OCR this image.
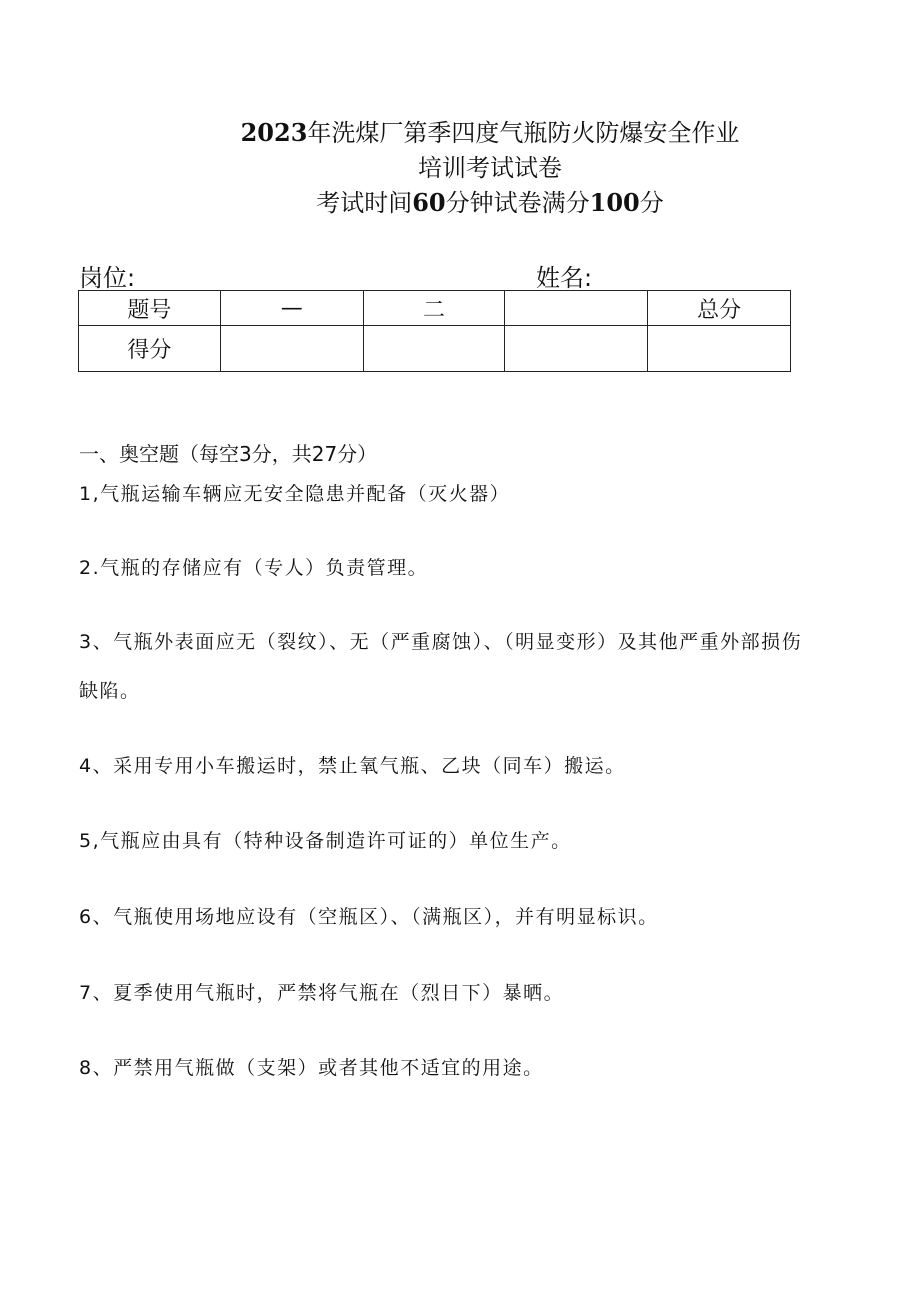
2023年洗煤厂第季四度气瓶防火防爆安全作业
培训考试试卷
考试时间60分钟试卷满分100分
岗位:	姓名:
题号	—	二		总分
得分				
一、奥空题（每空3分，共27分）
1,气瓶运输车辆应无安全隐患并配备（灭火器）
2.气瓶的存储应有（专人）负责管理。
3、气瓶外表面应无（裂纹）、无（严重腐蚀）、（明显变形）及其他严重外部损伤
缺陷。
4、采用专用小车搬运时，禁止氧气瓶、乙块（同车）搬运。
5,气瓶应由具有（特种设备制造许可证的）单位生产。
6、气瓶使用场地应设有（空瓶区）、（满瓶区），并有明显标识。
7、夏季使用气瓶时，严禁将气瓶在（烈日下）暴晒。
8、严禁用气瓶做（支架）或者其他不适宜的用途。
